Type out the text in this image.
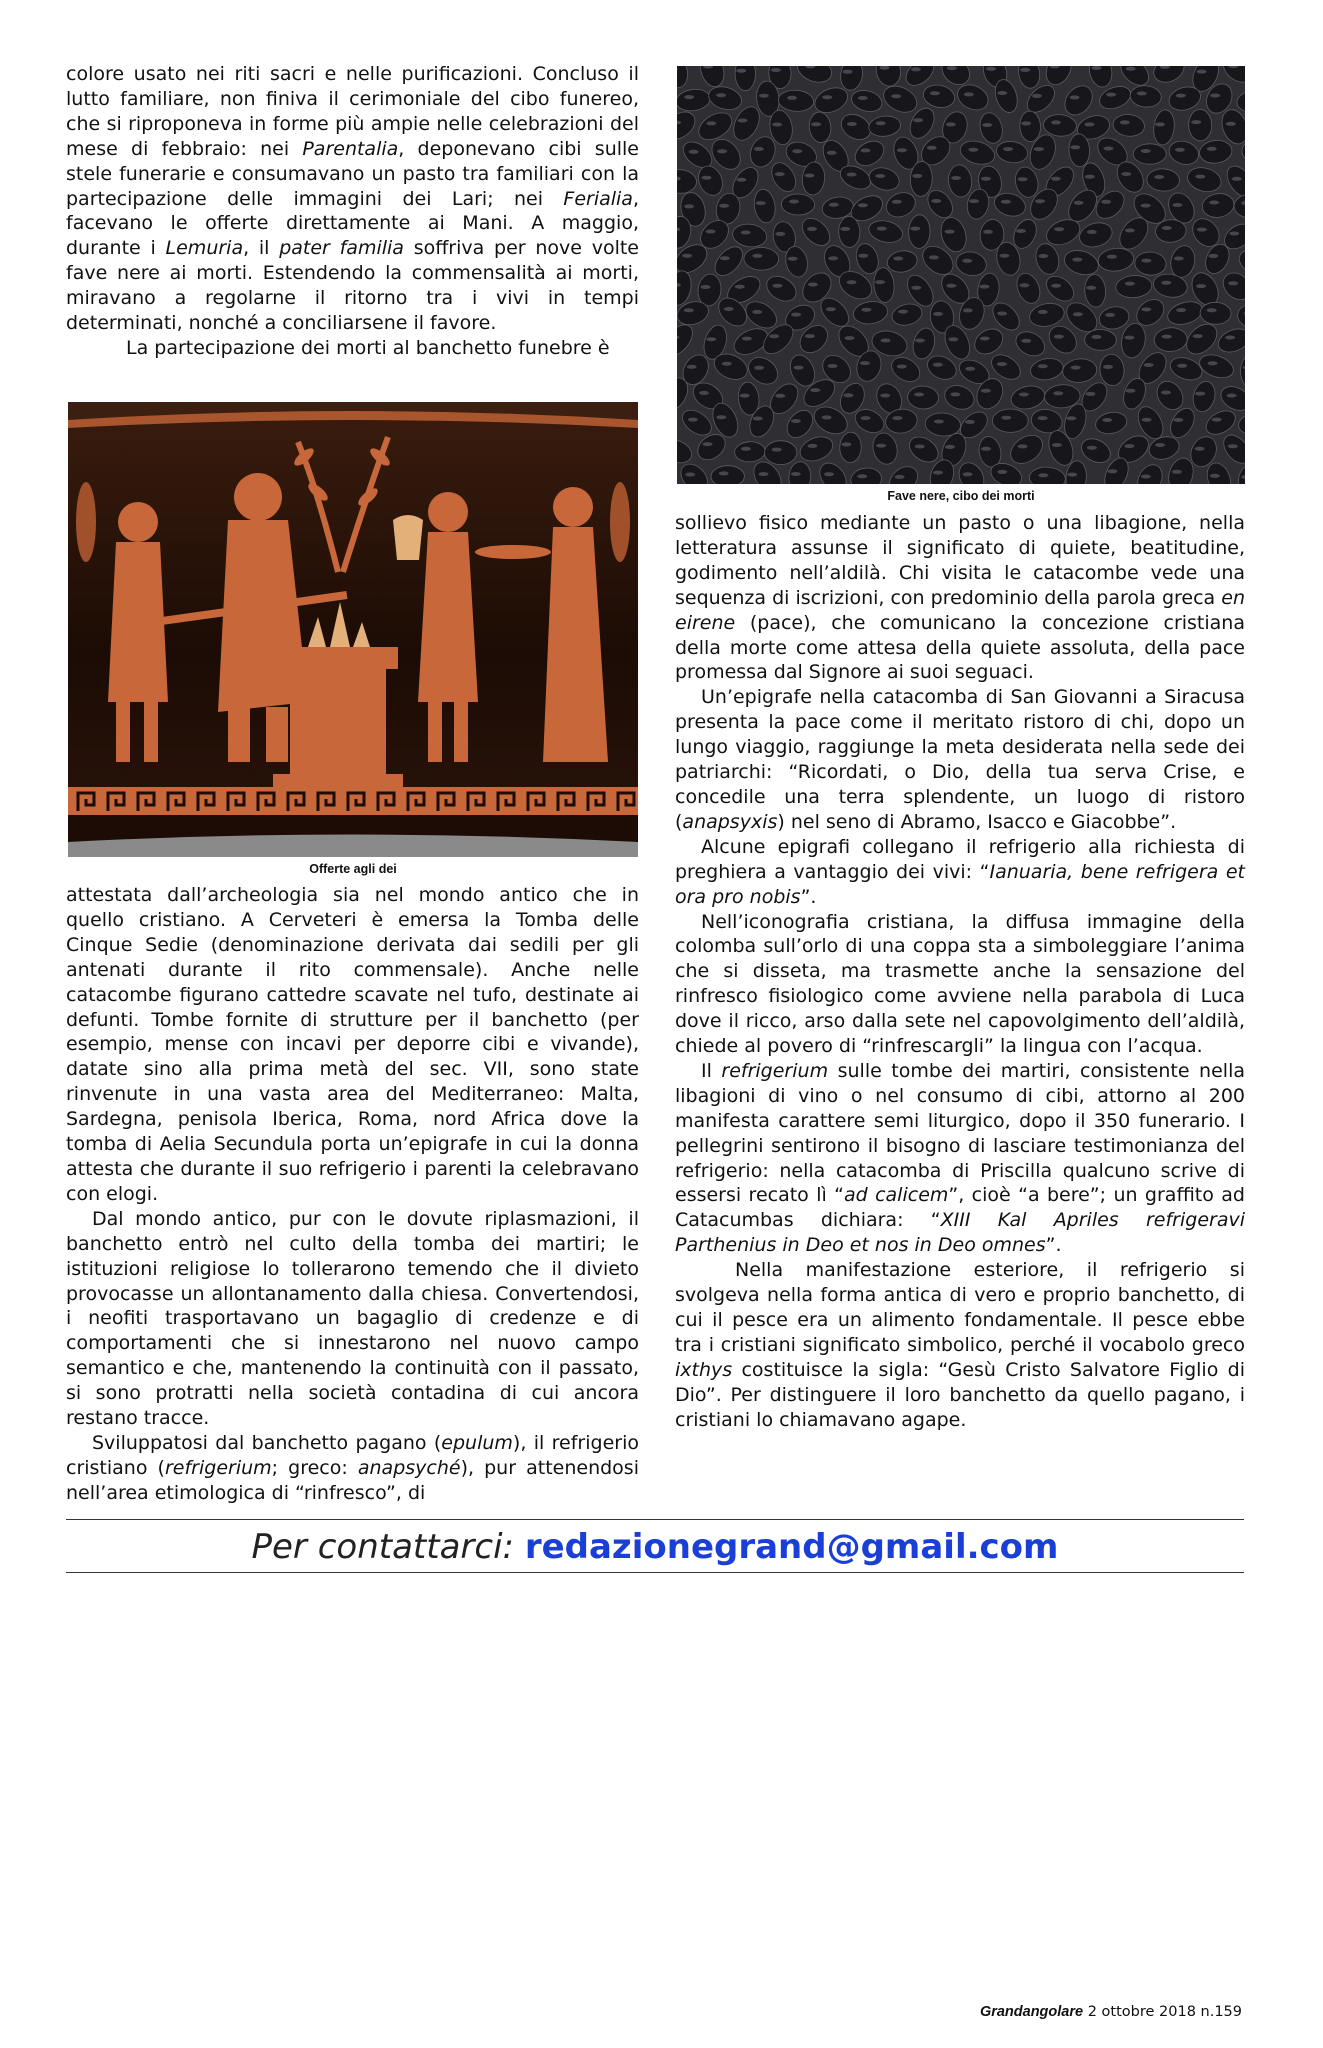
colore usato nei riti sacri e nelle purificazioni. Concluso il lutto familiare, non finiva il cerimoniale del cibo funereo, che si riproponeva in forme più ampie nelle celebrazioni del mese di febbraio: nei Parentalia, deponevano cibi sulle stele funerarie e consumavano un pasto tra familiari con la partecipazione delle immagini dei Lari; nei Ferialia, facevano le offerte direttamente ai Mani. A maggio, durante i Lemuria, il pater familia soffriva per nove volte fave nere ai morti. Estendendo la commensalità ai morti, miravano a regolarne il ritorno tra i vivi in tempi determinati, nonché a conciliarsene il favore.

La partecipazione dei morti al banchetto funebre è

Offerte agli dei

attestata dall’archeologia sia nel mondo antico che in quello cristiano. A Cerveteri è emersa la Tomba delle Cinque Sedie (denominazione derivata dai sedili per gli antenati durante il rito commensale). Anche nelle catacombe figurano cattedre scavate nel tufo, destinate ai defunti. Tombe fornite di strutture per il banchetto (per esempio, mense con incavi per deporre cibi e vivande), datate sino alla prima metà del sec. VII, sono state rinvenute in una vasta area del Mediterraneo: Malta, Sardegna, penisola Iberica, Roma, nord Africa dove la tomba di Aelia Secundula porta un’epigrafe in cui la donna attesta che durante il suo refrigerio i parenti la celebravano con elogi.

Dal mondo antico, pur con le dovute riplasmazioni, il banchetto entrò nel culto della tomba dei martiri; le istituzioni religiose lo tollerarono temendo che il divieto provocasse un allontanamento dalla chiesa. Convertendosi, i neofiti trasportavano un bagaglio di credenze e di comportamenti che si innestarono nel nuovo campo semantico e che, mantenendo la continuità con il passato, si sono protratti nella società contadina di cui ancora restano tracce.

Sviluppatosi dal banchetto pagano (epulum), il refrigerio cristiano (refrigerium; greco: anapsyché), pur attenendosi nell’area etimologica di “rinfresco”, di

Fave nere, cibo dei morti

sollievo fisico mediante un pasto o una libagione, nella letteratura assunse il significato di quiete, beatitudine, godimento nell’aldilà. Chi visita le catacombe vede una sequenza di iscrizioni, con predominio della parola greca en eirene (pace), che comunicano la concezione cristiana della morte come attesa della quiete assoluta, della pace promessa dal Signore ai suoi seguaci.

Un’epigrafe nella catacomba di San Giovanni a Siracusa presenta la pace come il meritato ristoro di chi, dopo un lungo viaggio, raggiunge la meta desiderata nella sede dei patriarchi: “Ricordati, o Dio, della tua serva Crise, e concedile una terra splendente, un luogo di ristoro (anapsyxis) nel seno di Abramo, Isacco e Giacobbe”.

Alcune epigrafi collegano il refrigerio alla richiesta di preghiera a vantaggio dei vivi: “Ianuaria, bene refrigera et ora pro nobis”.

Nell’iconografia cristiana, la diffusa immagine della colomba sull’orlo di una coppa sta a simboleggiare l’anima che si disseta, ma trasmette anche la sensazione del rinfresco fisiologico come avviene nella parabola di Luca dove il ricco, arso dalla sete nel capovolgimento dell’aldilà, chiede al povero di “rinfrescargli” la lingua con l’acqua.

Il refrigerium sulle tombe dei martiri, consistente nella libagioni di vino o nel consumo di cibi, attorno al 200 manifesta carattere semi liturgico, dopo il 350 funerario. I pellegrini sentirono il bisogno di lasciare testimonianza del refrigerio: nella catacomba di Priscilla qualcuno scrive di essersi recato lì “ad calicem”, cioè “a bere”; un graffito ad Catacumbas dichiara: “XIII Kal Apriles refrigeravi Parthenius in Deo et nos in Deo omnes”.

Nella manifestazione esteriore, il refrigerio si svolgeva nella forma antica di vero e proprio banchetto, di cui il pesce era un alimento fondamentale. Il pesce ebbe tra i cristiani significato simbolico, perché il vocabolo greco ixthys costituisce la sigla: “Gesù Cristo Salvatore Figlio di Dio”. Per distinguere il loro banchetto da quello pagano, i cristiani lo chiamavano agape.

Per contattarci: redazionegrand@gmail.com
Grandangolare 2 ottobre 2018 n.159
